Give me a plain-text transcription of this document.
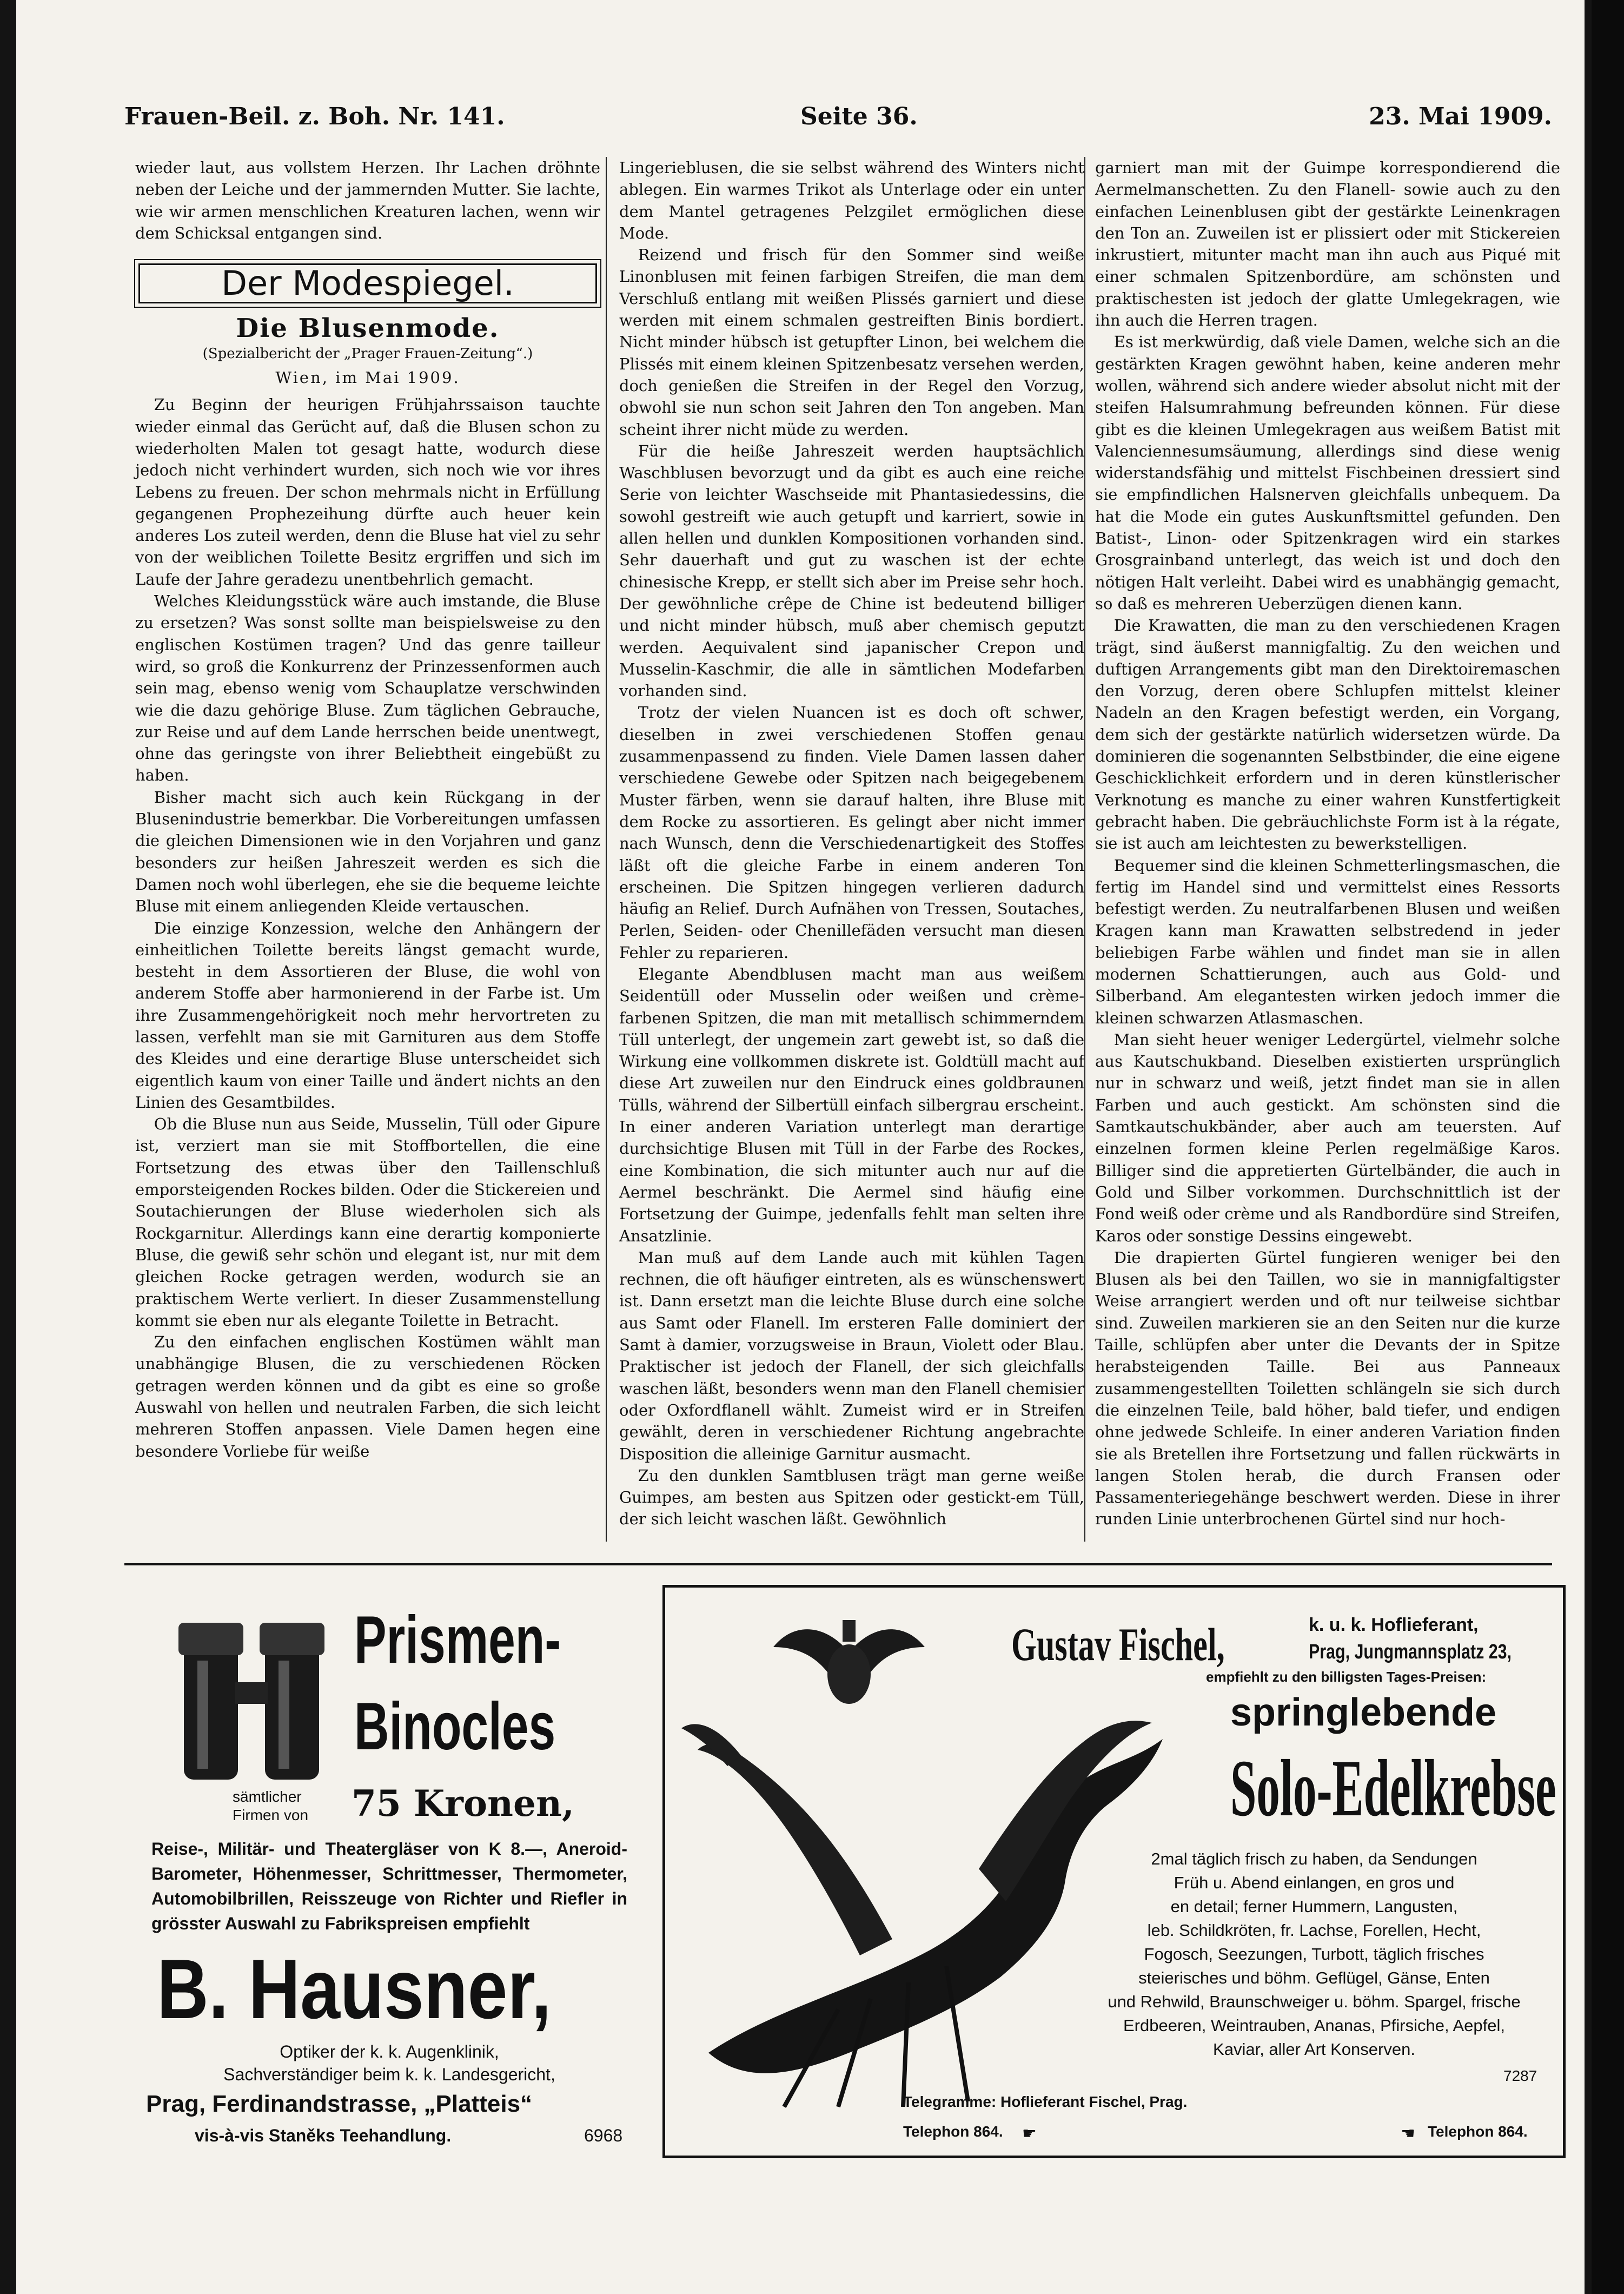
Frauen-Beil. z. Boh. Nr. 141.	Seite 36.	23. Mai 1909.

wieder laut, aus vollstem Herzen. Ihr Lachen dröhnte neben der Leiche und der jammernden Mutter. Sie lachte, wie wir armen menschlichen Kreaturen lachen, wenn wir dem Schicksal entgangen sind.

Der Modespiegel.
Die Blusenmode.
(Spezialbericht der „Prager Frauen-Zeitung“.)
Wien, im Mai 1909.

Zu Beginn der heurigen Frühjahrssaison tauchte wieder einmal das Gerücht auf, daß die Blusen schon zu wiederholten Malen tot gesagt hatte, wodurch diese jedoch nicht verhindert wurden, sich noch wie vor ihres Lebens zu freuen. Der schon mehrmals nicht in Erfüllung gegangenen Prophezeihung dürfte auch heuer kein anderes Los zuteil werden, denn die Bluse hat viel zu sehr von der weiblichen Toilette Besitz ergriffen und sich im Laufe der Jahre geradezu unentbehrlich gemacht.

Welches Kleidungsstück wäre auch imstande, die Bluse zu ersetzen? Was sonst sollte man beispielsweise zu den englischen Kostümen tragen? Und das genre tailleur wird, so groß die Konkurrenz der Prinzessenformen auch sein mag, ebenso wenig vom Schauplatze verschwinden wie die dazu gehörige Bluse. Zum täglichen Gebrauche, zur Reise und auf dem Lande herrschen beide unentwegt, ohne das geringste von ihrer Beliebtheit eingebüßt zu haben.

Bisher macht sich auch kein Rückgang in der Blusenindustrie bemerkbar. Die Vorbereitungen umfassen die gleichen Dimensionen wie in den Vorjahren und ganz besonders zur heißen Jahreszeit werden es sich die Damen noch wohl überlegen, ehe sie die bequeme leichte Bluse mit einem anliegenden Kleide vertauschen.

Die einzige Konzession, welche den Anhängern der einheitlichen Toilette bereits längst gemacht wurde, besteht in dem Assortieren der Bluse, die wohl von anderem Stoffe aber harmonierend in der Farbe ist. Um ihre Zusammengehörigkeit noch mehr hervortreten zu lassen, verfehlt man sie mit Garnituren aus dem Stoffe des Kleides und eine derartige Bluse unterscheidet sich eigentlich kaum von einer Taille und ändert nichts an den Linien des Gesamtbildes.

Ob die Bluse nun aus Seide, Musselin, Tüll oder Gipure ist, verziert man sie mit Stoffbortellen, die eine Fortsetzung des etwas über den Taillenschluß emporsteigenden Rockes bilden. Oder die Stickereien und Soutachierungen der Bluse wiederholen sich als Rockgarnitur. Allerdings kann eine derartig komponierte Bluse, die gewiß sehr schön und elegant ist, nur mit dem gleichen Rocke getragen werden, wodurch sie an praktischem Werte verliert. In dieser Zusammenstellung kommt sie eben nur als elegante Toilette in Betracht.

Zu den einfachen englischen Kostümen wählt man unabhängige Blusen, die zu verschiedenen Röcken getragen werden können und da gibt es eine so große Auswahl von hellen und neutralen Farben, die sich leicht mehreren Stoffen anpassen. Viele Damen hegen eine besondere Vorliebe für weiße

Lingerieblusen, die sie selbst während des Winters nicht ablegen. Ein warmes Trikot als Unterlage oder ein unter dem Mantel getragenes Pelzgilet ermöglichen diese Mode.

Reizend und frisch für den Sommer sind weiße Linonblusen mit feinen farbigen Streifen, die man dem Verschluß entlang mit weißen Plissés garniert und diese werden mit einem schmalen gestreiften Binis bordiert. Nicht minder hübsch ist getupfter Linon, bei welchem die Plissés mit einem kleinen Spitzenbesatz versehen werden, doch genießen die Streifen in der Regel den Vorzug, obwohl sie nun schon seit Jahren den Ton angeben. Man scheint ihrer nicht müde zu werden.

Für die heiße Jahreszeit werden hauptsächlich Waschblusen bevorzugt und da gibt es auch eine reiche Serie von leichter Waschseide mit Phantasiedessins, die sowohl gestreift wie auch getupft und karriert, sowie in allen hellen und dunklen Kompositionen vorhanden sind. Sehr dauerhaft und gut zu waschen ist der echte chinesische Krepp, er stellt sich aber im Preise sehr hoch. Der gewöhnliche crêpe de Chine ist bedeutend billiger und nicht minder hübsch, muß aber chemisch geputzt werden. Aequivalent sind japanischer Crepon und Musselin-Kaschmir, die alle in sämtlichen Modefarben vorhanden sind.

Trotz der vielen Nuancen ist es doch oft schwer, dieselben in zwei verschiedenen Stoffen genau zusammenpassend zu finden. Viele Damen lassen daher verschiedene Gewebe oder Spitzen nach beigegebenem Muster färben, wenn sie darauf halten, ihre Bluse mit dem Rocke zu assortieren. Es gelingt aber nicht immer nach Wunsch, denn die Verschiedenartigkeit des Stoffes läßt oft die gleiche Farbe in einem anderen Ton erscheinen. Die Spitzen hingegen verlieren dadurch häufig an Relief. Durch Aufnähen von Tressen, Soutaches, Perlen, Seiden- oder Chenillefäden versucht man diesen Fehler zu reparieren.

Elegante Abendblusen macht man aus weißem Seidentüll oder Musselin oder weißen und crème-farbenen Spitzen, die man mit metallisch schimmerndem Tüll unterlegt, der ungemein zart gewebt ist, so daß die Wirkung eine vollkommen diskrete ist. Goldtüll macht auf diese Art zuweilen nur den Eindruck eines goldbraunen Tülls, während der Silbertüll einfach silbergrau erscheint. In einer anderen Variation unterlegt man derartige durchsichtige Blusen mit Tüll in der Farbe des Rockes, eine Kombination, die sich mitunter auch nur auf die Aermel beschränkt. Die Aermel sind häufig eine Fortsetzung der Guimpe, jedenfalls fehlt man selten ihre Ansatzlinie.

Man muß auf dem Lande auch mit kühlen Tagen rechnen, die oft häufiger eintreten, als es wünschenswert ist. Dann ersetzt man die leichte Bluse durch eine solche aus Samt oder Flanell. Im ersteren Falle dominiert der Samt à damier, vorzugsweise in Braun, Violett oder Blau. Praktischer ist jedoch der Flanell, der sich gleichfalls waschen läßt, besonders wenn man den Flanell chemisier oder Oxfordflanell wählt. Zumeist wird er in Streifen gewählt, deren in verschiedener Richtung angebrachte Disposition die alleinige Garnitur ausmacht.

Zu den dunklen Samtblusen trägt man gerne weiße Guimpes, am besten aus Spitzen oder gestickt-em Tüll, der sich leicht waschen läßt. Gewöhnlich

garniert man mit der Guimpe korrespondierend die Aermelmanschetten. Zu den Flanell- sowie auch zu den einfachen Leinenblusen gibt der gestärkte Leinenkragen den Ton an. Zuweilen ist er plissiert oder mit Stickereien inkrustiert, mitunter macht man ihn auch aus Piqué mit einer schmalen Spitzenbordüre, am schönsten und praktischesten ist jedoch der glatte Umlegekragen, wie ihn auch die Herren tragen.

Es ist merkwürdig, daß viele Damen, welche sich an die gestärkten Kragen gewöhnt haben, keine anderen mehr wollen, während sich andere wieder absolut nicht mit der steifen Halsumrahmung befreunden können. Für diese gibt es die kleinen Umlegekragen aus weißem Batist mit Valenciennesumsäumung, allerdings sind diese wenig widerstandsfähig und mittelst Fischbeinen dressiert sind sie empfindlichen Halsnerven gleichfalls unbequem. Da hat die Mode ein gutes Auskunftsmittel gefunden. Den Batist-, Linon- oder Spitzenkragen wird ein starkes Grosgrainband unterlegt, das weich ist und doch den nötigen Halt verleiht. Dabei wird es unabhängig gemacht, so daß es mehreren Ueberzügen dienen kann.

Die Krawatten, die man zu den verschiedenen Kragen trägt, sind äußerst mannigfaltig. Zu den weichen und duftigen Arrangements gibt man den Direktoiremaschen den Vorzug, deren obere Schlupfen mittelst kleiner Nadeln an den Kragen befestigt werden, ein Vorgang, dem sich der gestärkte natürlich widersetzen würde. Da dominieren die sogenannten Selbstbinder, die eine eigene Geschicklichkeit erfordern und in deren künstlerischer Verknotung es manche zu einer wahren Kunstfertigkeit gebracht haben. Die gebräuchlichste Form ist à la régate, sie ist auch am leichtesten zu bewerkstelligen.

Bequemer sind die kleinen Schmetterlingsmaschen, die fertig im Handel sind und vermittelst eines Ressorts befestigt werden. Zu neutralfarbenen Blusen und weißen Kragen kann man Krawatten selbstredend in jeder beliebigen Farbe wählen und findet man sie in allen modernen Schattierungen, auch aus Gold- und Silberband. Am elegantesten wirken jedoch immer die kleinen schwarzen Atlasmaschen.

Man sieht heuer weniger Ledergürtel, vielmehr solche aus Kautschukband. Dieselben existierten ursprünglich nur in schwarz und weiß, jetzt findet man sie in allen Farben und auch gestickt. Am schönsten sind die Samtkautschukbänder, aber auch am teuersten. Auf einzelnen formen kleine Perlen regelmäßige Karos. Billiger sind die appretierten Gürtelbänder, die auch in Gold und Silber vorkommen. Durchschnittlich ist der Fond weiß oder crème und als Randbordüre sind Streifen, Karos oder sonstige Dessins eingewebt.

Die drapierten Gürtel fungieren weniger bei den Blusen als bei den Taillen, wo sie in mannigfaltigster Weise arrangiert werden und oft nur teilweise sichtbar sind. Zuweilen markieren sie an den Seiten nur die kurze Taille, schlüpfen aber unter die Devants der in Spitze herabsteigenden Taille. Bei aus Panneaux zusammengestellten Toiletten schlängeln sie sich durch die einzelnen Teile, bald höher, bald tiefer, und endigen ohne jedwede Schleife. In einer anderen Variation finden sie als Bretellen ihre Fortsetzung und fallen rückwärts in langen Stolen herab, die durch Fransen oder Passamenteriegehänge beschwert werden. Diese in ihrer runden Linie unterbrochenen Gürtel sind nur hoch-

Prismen-
Binocles
sämtlicher Firmen von	75 Kronen,
Reise-, Militär- und Theatergläser von K 8.—, Aneroid-Barometer, Höhenmesser, Schrittmesser, Thermometer, Automobilbrillen, Reisszeuge von Richter und Riefler in grösster Auswahl zu Fabrikspreisen empfiehlt
B. Hausner,
Optiker der k. k. Augenklinik,
Sachverständiger beim k. k. Landesgericht,
Prag, Ferdinandstrasse, „Platteis“
vis-à-vis Staněks Teehandlung.	6968
Gustav Fischel,	k. u. k. Hoflieferant,
Prag, Jungmannsplatz 23,
empfiehlt zu den billigsten Tages-Preisen:
springlebende
Solo-Edelkrebse
2mal täglich frisch zu haben, da Sendungen
Früh u. Abend einlangen, en gros und
en detail; ferner Hummern, Langusten,
leb. Schildkröten, fr. Lachse, Forellen, Hecht,
Fogosch, Seezungen, Turbott, täglich frisches
steierisches und böhm. Geflügel, Gänse, Enten
und Rehwild, Braunschweiger u. böhm. Spargel, frische
Erdbeeren, Weintrauben, Ananas, Pfirsiche, Aepfel,
Kaviar, aller Art Konserven.
7287
Telegramme: Hoflieferant Fischel, Prag.
Telephon 864. ☛	☛ Telephon 864.
